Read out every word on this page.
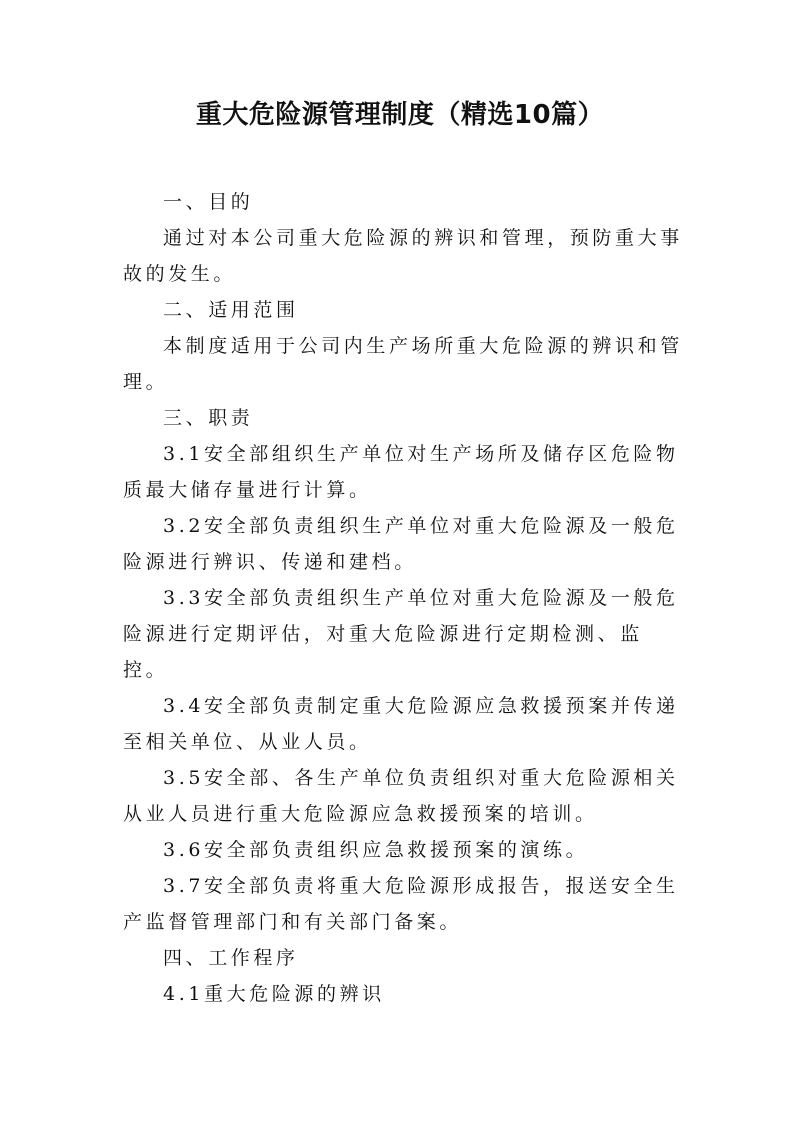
重大危险源管理制度（精选10篇）

一、目的

通过对本公司重大危险源的辨识和管理，预防重大事故的发生。

二、适用范围

本制度适用于公司内生产场所重大危险源的辨识和管理。

三、职责

3.1安全部组织生产单位对生产场所及储存区危险物质最大储存量进行计算。

3.2安全部负责组织生产单位对重大危险源及一般危险源进行辨识、传递和建档。

3.3安全部负责组织生产单位对重大危险源及一般危险源进行定期评估，对重大危险源进行定期检测、监控。

3.4安全部负责制定重大危险源应急救援预案并传递至相关单位、从业人员。

3.5安全部、各生产单位负责组织对重大危险源相关从业人员进行重大危险源应急救援预案的培训。

3.6安全部负责组织应急救援预案的演练。

3.7安全部负责将重大危险源形成报告，报送安全生产监督管理部门和有关部门备案。

四、工作程序

4.1重大危险源的辨识
